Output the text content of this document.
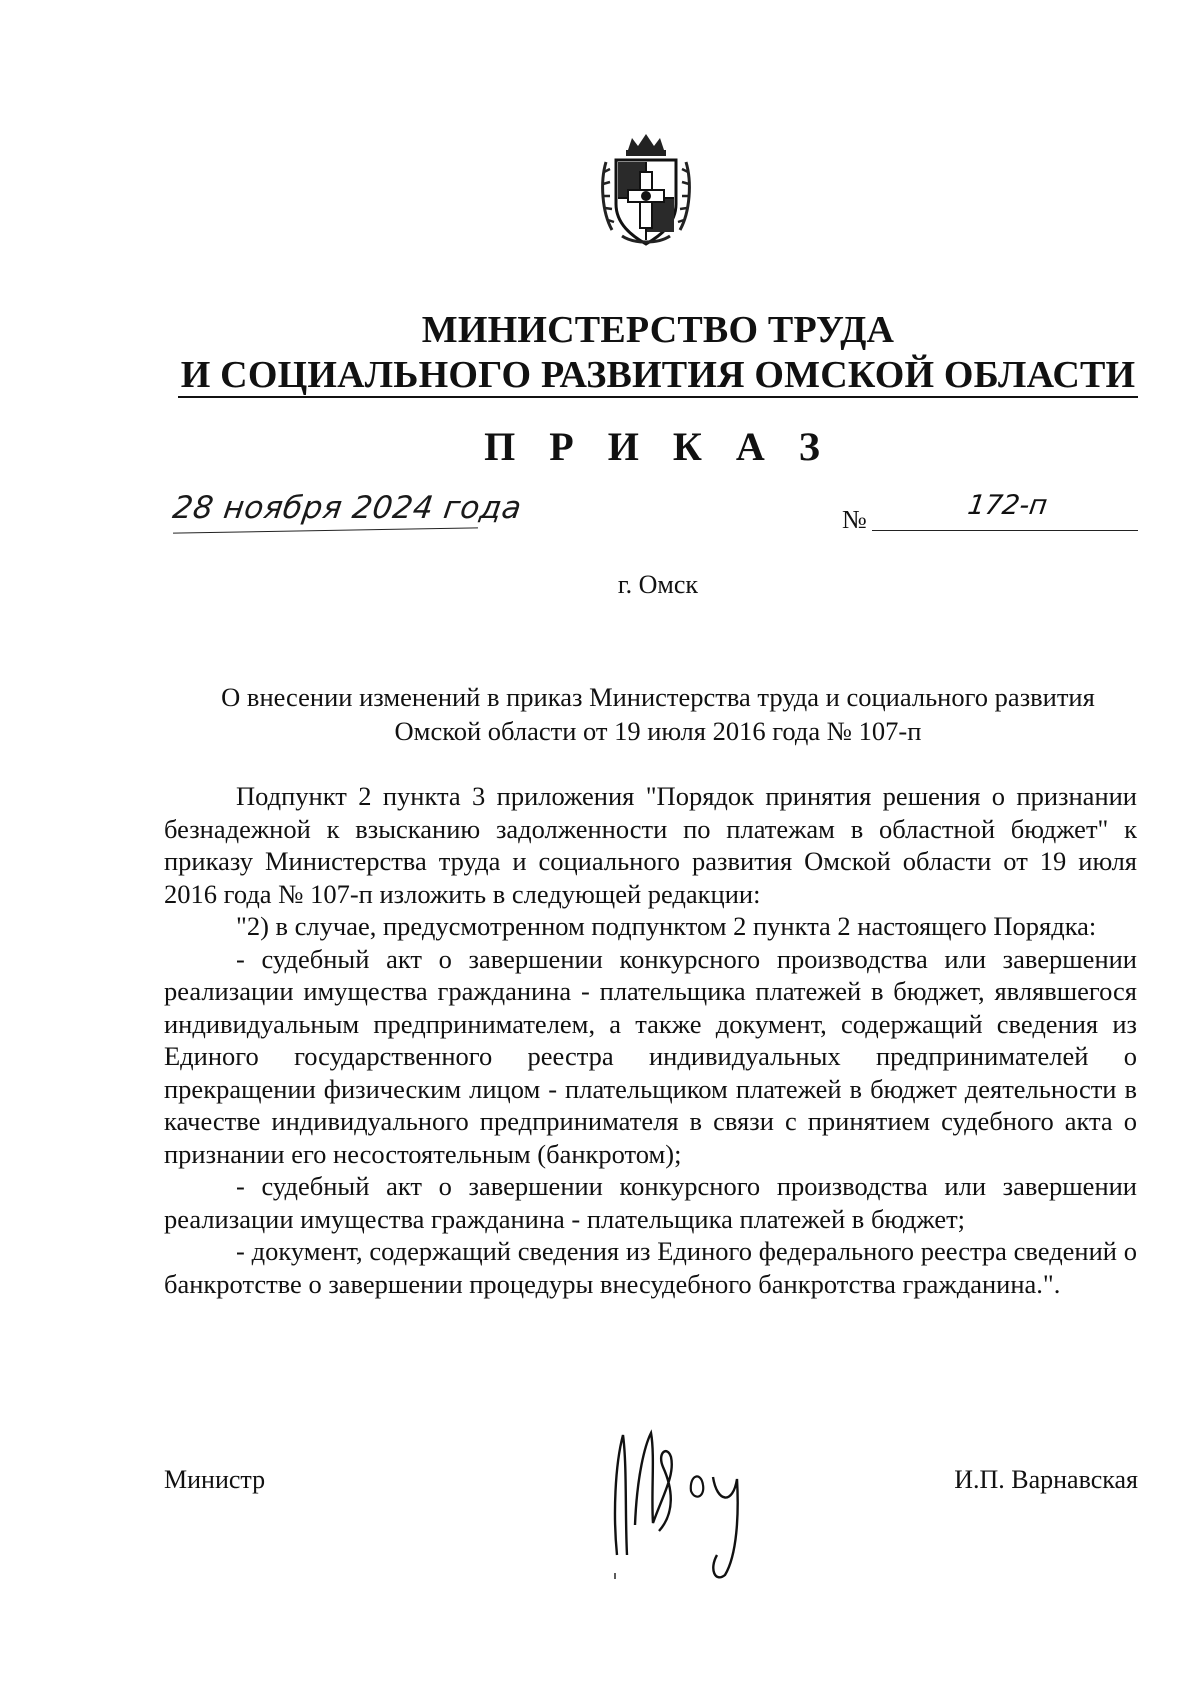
МИНИСТЕРСТВО ТРУДА
И СОЦИАЛЬНОГО РАЗВИТИЯ ОМСКОЙ ОБЛАСТИ
П Р И К А З
28 ноября 2024 года	№	172-п
г. Омск
О внесении изменений в приказ Министерства труда и социального развития
Омской области от 19 июля 2016 года № 107-п

Подпункт 2 пункта 3 приложения "Порядок принятия решения о признании безнадежной к взысканию задолженности по платежам в областной бюджет" к приказу Министерства труда и социального развития Омской области от 19 июля 2016 года № 107-п изложить в следующей редакции:

"2) в случае, предусмотренном подпунктом 2 пункта 2 настоящего Порядка:

- судебный акт о завершении конкурсного производства или завершении реализации имущества гражданина - плательщика платежей в бюджет, являвшегося индивидуальным предпринимателем, а также документ, содержащий сведения из Единого государственного реестра индивидуальных предпринимателей о прекращении физическим лицом - плательщиком платежей в бюджет деятельности в качестве индивидуального предпринимателя в связи с принятием судебного акта о признании его несостоятельным (банкротом);

- судебный акт о завершении конкурсного производства или завершении реализации имущества гражданина - плательщика платежей в бюджет;

- документ, содержащий сведения из Единого федерального реестра сведений о банкротстве о завершении процедуры внесудебного банкротства гражданина.".

Министр	И.П. Варнавская
